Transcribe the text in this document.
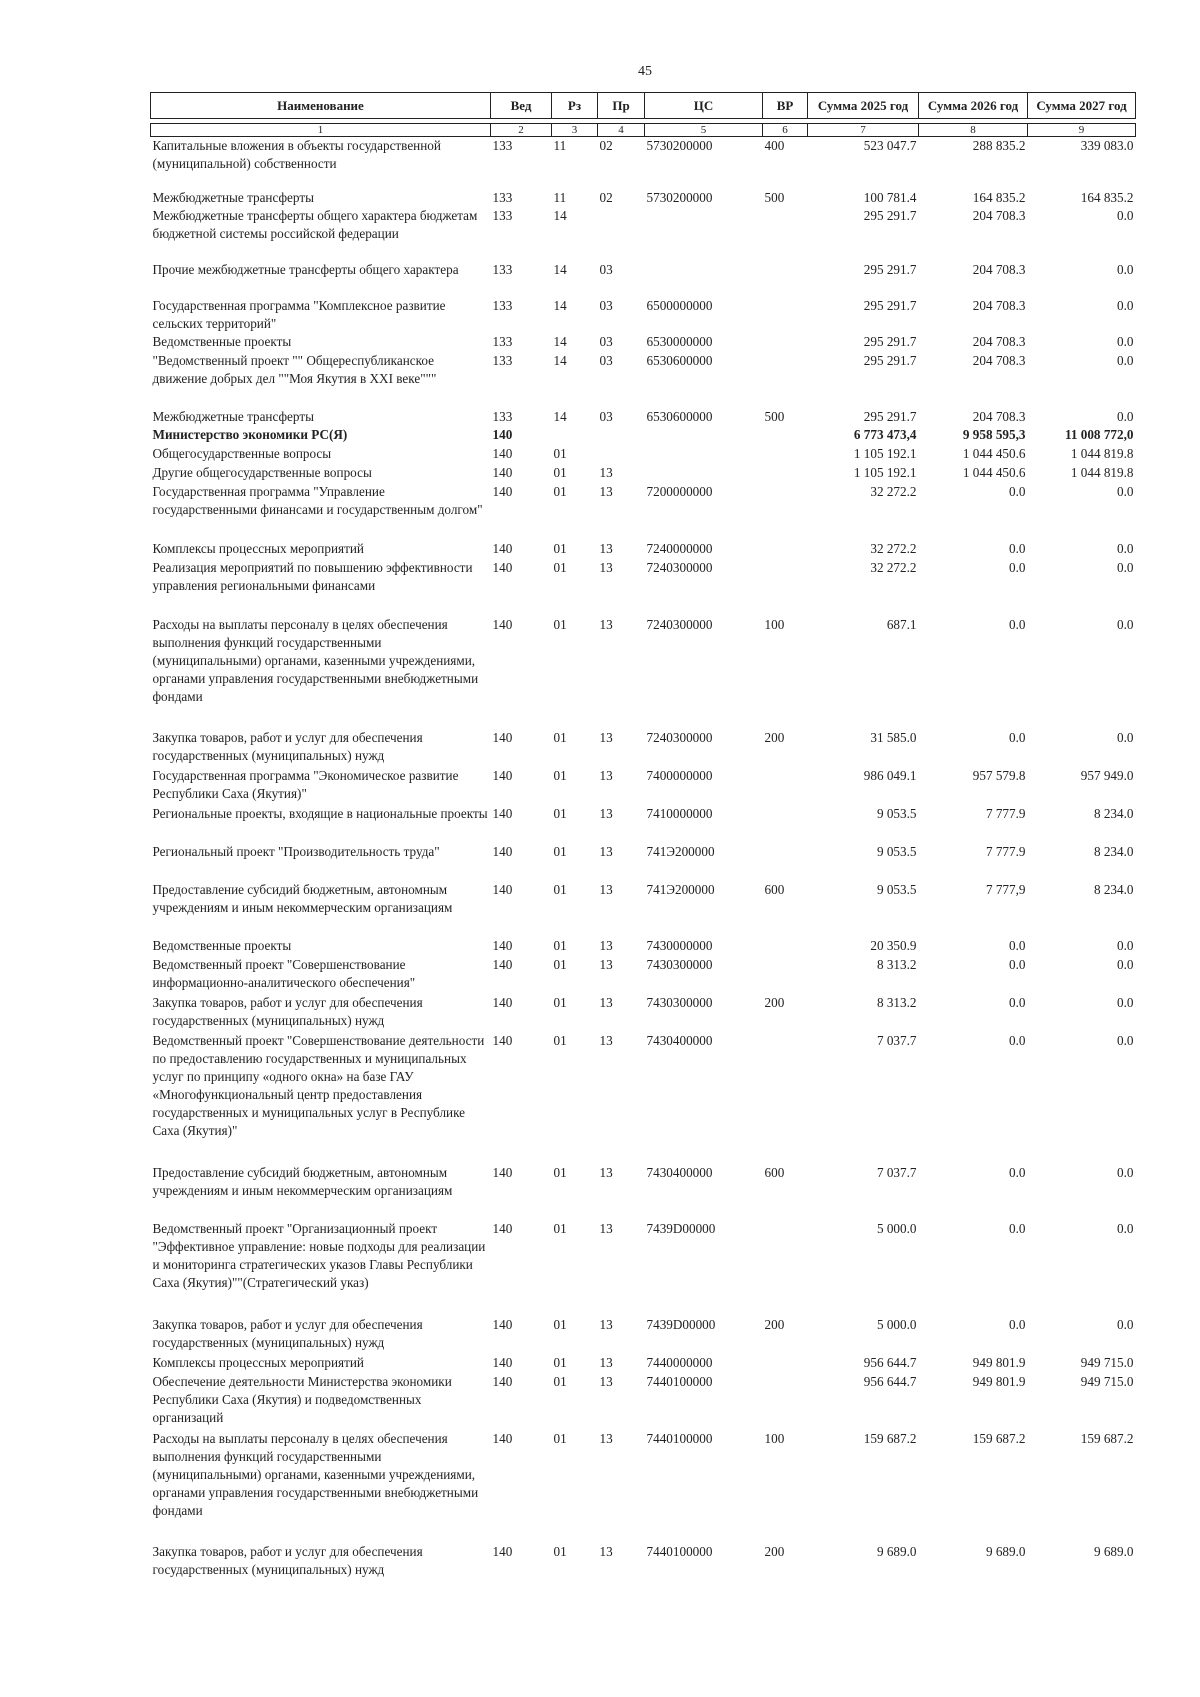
45
Наименование	Вед	Рз	Пр	ЦС	ВР	Сумма 2025 год	Сумма 2026 год	Сумма 2027 год

1	2	3	4	5	6	7	8	9
Капитальные вложения в объекты государственной (муниципальной) собственности	133	11	02	5730200000	400	523 047.7	288 835.2	339 083.0
Межбюджетные трансферты	133	11	02	5730200000	500	100 781.4	164 835.2	164 835.2
Межбюджетные трансферты общего характера бюджетам бюджетной системы российской федерации	133	14				295 291.7	204 708.3	0.0
Прочие межбюджетные трансферты общего характера	133	14	03			295 291.7	204 708.3	0.0
Государственная программа "Комплексное развитие сельских территорий"	133	14	03	6500000000		295 291.7	204 708.3	0.0
Ведомственные проекты	133	14	03	6530000000		295 291.7	204 708.3	0.0
"Ведомственный проект "" Общереспубликанское движение добрых дел ""Моя Якутия в XXI веке"""	133	14	03	6530600000		295 291.7	204 708.3	0.0
Межбюджетные трансферты	133	14	03	6530600000	500	295 291.7	204 708.3	0.0
Министерство экономики РС(Я)	140					6 773 473,4	9 958 595,3	11 008 772,0
Общегосударственные вопросы	140	01				1 105 192.1	1 044 450.6	1 044 819.8
Другие общегосударственные вопросы	140	01	13			1 105 192.1	1 044 450.6	1 044 819.8
Государственная программа "Управление государственными финансами и государственным долгом"	140	01	13	7200000000		32 272.2	0.0	0.0
Комплексы процессных мероприятий	140	01	13	7240000000		32 272.2	0.0	0.0
Реализация мероприятий по повышению эффективности управления региональными финансами	140	01	13	7240300000		32 272.2	0.0	0.0
Расходы на выплаты персоналу в целях обеспечения выполнения функций государственными (муниципальными) органами, казенными учреждениями, органами управления государственными внебюджетными фондами	140	01	13	7240300000	100	687.1	0.0	0.0
Закупка товаров, работ и услуг для обеспечения государственных (муниципальных) нужд	140	01	13	7240300000	200	31 585.0	0.0	0.0
Государственная программа "Экономическое развитие Республики Саха (Якутия)"	140	01	13	7400000000		986 049.1	957 579.8	957 949.0
Региональные проекты, входящие в национальные проекты	140	01	13	7410000000		9 053.5	7 777.9	8 234.0
Региональный проект "Производительность труда"	140	01	13	741Э200000		9 053.5	7 777.9	8 234.0
Предоставление субсидий бюджетным, автономным учреждениям и иным некоммерческим организациям	140	01	13	741Э200000	600	9 053.5	7 777,9	8 234.0
Ведомственные проекты	140	01	13	7430000000		20 350.9	0.0	0.0
Ведомственный проект "Совершенствование информационно-аналитического обеспечения"	140	01	13	7430300000		8 313.2	0.0	0.0
Закупка товаров, работ и услуг для обеспечения государственных (муниципальных) нужд	140	01	13	7430300000	200	8 313.2	0.0	0.0
Ведомственный проект "Совершенствование деятельности по предоставлению государственных и муниципальных услуг по принципу «одного окна» на базе ГАУ «Многофункциональный центр предоставления государственных и муниципальных услуг в Республике Саха (Якутия)"	140	01	13	7430400000		7 037.7	0.0	0.0
Предоставление субсидий бюджетным, автономным учреждениям и иным некоммерческим организациям	140	01	13	7430400000	600	7 037.7	0.0	0.0
Ведомственный проект "Организационный проект "Эффективное управление: новые подходы для реализации и мониторинга стратегических указов Главы Республики Саха (Якутия)""(Стратегический указ)	140	01	13	7439D00000		5 000.0	0.0	0.0
Закупка товаров, работ и услуг для обеспечения государственных (муниципальных) нужд	140	01	13	7439D00000	200	5 000.0	0.0	0.0
Комплексы процессных мероприятий	140	01	13	7440000000		956 644.7	949 801.9	949 715.0
Обеспечение деятельности Министерства экономики Республики Саха (Якутия) и подведомственных организаций	140	01	13	7440100000		956 644.7	949 801.9	949 715.0
Расходы на выплаты персоналу в целях обеспечения выполнения функций государственными (муниципальными) органами, казенными учреждениями, органами управления государственными внебюджетными фондами	140	01	13	7440100000	100	159 687.2	159 687.2	159 687.2
Закупка товаров, работ и услуг для обеспечения государственных (муниципальных) нужд	140	01	13	7440100000	200	9 689.0	9 689.0	9 689.0
